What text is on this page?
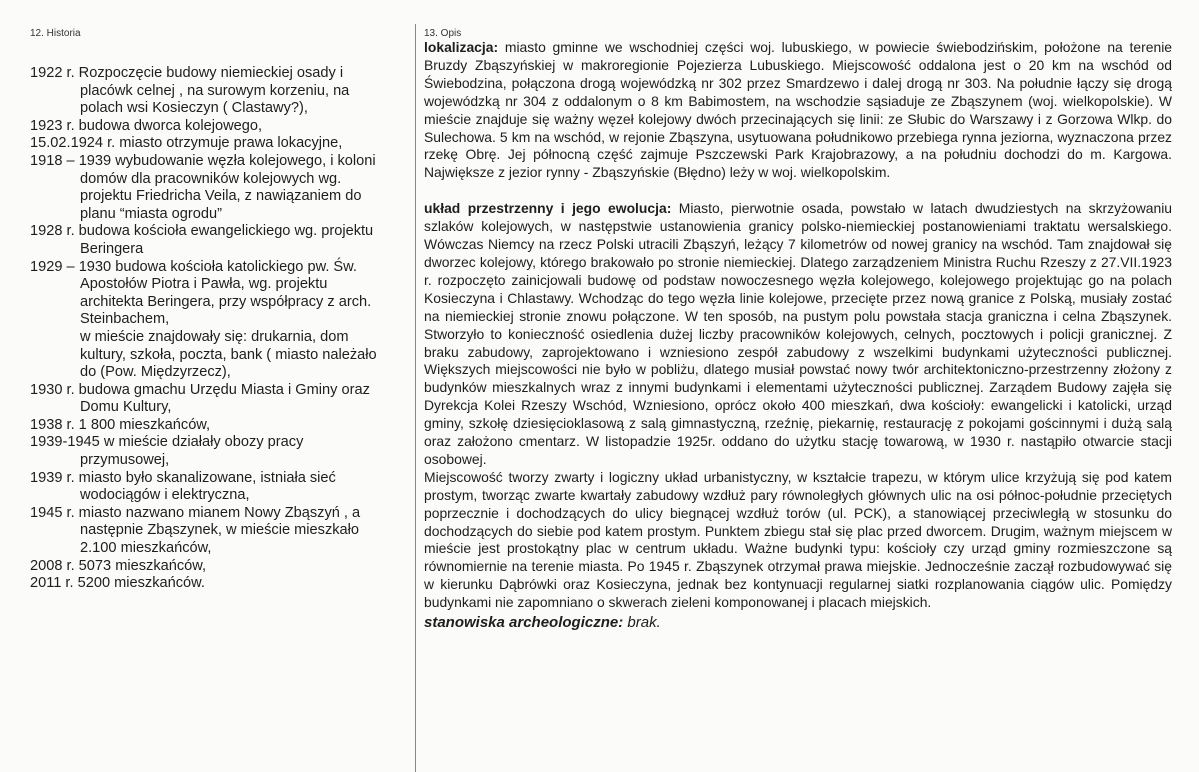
12. Historia
1922 r. Rozpoczęcie budowy niemieckiej osady i
placówk celnej , na surowym korzeniu, na
polach wsi Kosieczyn ( Clastawy?),
1923 r. budowa dworca kolejowego,
15.02.1924 r. miasto otrzymuje prawa lokacyjne,
1918 – 1939 wybudowanie węzła kolejowego, i koloni
domów dla pracowników kolejowych wg.
projektu Friedricha Veila, z nawiązaniem do
planu “miasta ogrodu”
1928 r. budowa kościoła ewangelickiego wg. projektu
Beringera
1929 – 1930 budowa kościoła katolickiego pw. Św.
Apostołów Piotra i Pawła, wg. projektu
architekta Beringera, przy współpracy z arch.
Steinbachem,
w mieście znajdowały się: drukarnia, dom
kultury, szkoła, poczta, bank ( miasto należało
do (Pow. Międzyrzecz),
1930 r. budowa gmachu Urzędu Miasta i Gminy oraz
Domu Kultury,
1938 r. 1 800 mieszkańców,
1939-1945 w mieście działały obozy pracy
przymusowej,
1939 r. miasto było skanalizowane, istniała sieć
wodociągów i elektryczna,
1945 r. miasto nazwano mianem Nowy Zbąszyń , a
następnie Zbąszynek, w mieście mieszkało
2.100 mieszkańców,
2008 r. 5073 mieszkańców,
2011 r. 5200 mieszkańców.
13. Opis

lokalizacja: miasto gminne we wschodniej części woj. lubuskiego, w powiecie świebodzińskim, położone na terenie Bruzdy Zbąszyńskiej w makroregionie Pojezierza Lubuskiego. Miejscowość oddalona jest o 20 km na wschód od Świebodzina, połączona drogą wojewódzką nr 302 przez Smardzewo i dalej drogą nr 303. Na południe łączy się drogą wojewódzką nr 304 z oddalonym o 8 km Babimostem, na wschodzie sąsiaduje ze Zbąszynem (woj. wielkopolskie). W mieście znajduje się ważny węzeł kolejowy dwóch przecinających się linii: ze Słubic do Warszawy i z Gorzowa Wlkp. do Sulechowa. 5 km na wschód, w rejonie Zbąszyna, usytuowana południkowo przebiega rynna jeziorna, wyznaczona przez rzekę Obrę. Jej północną część zajmuje Pszczewski Park Krajobrazowy, a na południu dochodzi do m. Kargowa. Największe z jezior rynny - Zbąszyńskie (Błędno) leży w woj. wielkopolskim.

układ przestrzenny i jego ewolucja: Miasto, pierwotnie osada, powstało w latach dwudziestych na skrzyżowaniu szlaków kolejowych, w następstwie ustanowienia granicy polsko-niemieckiej postanowieniami traktatu wersalskiego. Wówczas Niemcy na rzecz Polski utracili Zbąszyń, leżący 7 kilometrów od nowej granicy na wschód. Tam znajdował się dworzec kolejowy, którego brakowało po stronie niemieckiej. Dlatego zarządzeniem Ministra Ruchu Rzeszy z 27.VII.1923 r. rozpoczęto zainicjowali budowę od podstaw nowoczesnego węzła kolejowego, kolejowego projektując go na polach Kosieczyna i Chlastawy. Wchodząc do tego węzła linie kolejowe, przecięte przez nową granice z Polską, musiały zostać na niemieckiej stronie znowu połączone. W ten sposób, na pustym polu powstała stacja graniczna i celna Zbąszynek. Stworzyło to konieczność osiedlenia dużej liczby pracowników kolejowych, celnych, pocztowych i policji granicznej. Z braku zabudowy, zaprojektowano i wzniesiono zespół zabudowy z wszelkimi budynkami użyteczności publicznej. Większych miejscowości nie było w pobliżu, dlatego musiał powstać nowy twór architektoniczno-przestrzenny złożony z budynków mieszkalnych wraz z innymi budynkami i elementami użyteczności publicznej. Zarządem Budowy zajęła się Dyrekcja Kolei Rzeszy Wschód, Wzniesiono, oprócz około 400 mieszkań, dwa kościoły: ewangelicki i katolicki, urząd gminy, szkołę dziesięcioklasową z salą gimnastyczną, rzeźnię, piekarnię, restaurację z pokojami gościnnymi i dużą salą oraz założono cmentarz. W listopadzie 1925r. oddano do użytku stację towarową, w 1930 r. nastąpiło otwarcie stacji osobowej.

Miejscowość tworzy zwarty i logiczny układ urbanistyczny, w kształcie trapezu, w którym ulice krzyżują się pod katem prostym, tworząc zwarte kwartały zabudowy wzdłuż pary równoległych głównych ulic na osi północ-południe przeciętych poprzecznie i dochodzących do ulicy biegnącej wzdłuż torów (ul. PCK), a stanowiącej przeciwległą w stosunku do dochodzących do siebie pod katem prostym. Punktem zbiegu stał się plac przed dworcem. Drugim, ważnym miejscem w mieście jest prostokątny plac w centrum układu. Ważne budynki typu: kościoły czy urząd gminy rozmieszczone są równomiernie na terenie miasta. Po 1945 r. Zbąszynek otrzymał prawa miejskie. Jednocześnie zaczął rozbudowywać się w kierunku Dąbrówki oraz Kosieczyna, jednak bez kontynuacji regularnej siatki rozplanowania ciągów ulic. Pomiędzy budynkami nie zapomniano o skwerach zieleni komponowanej i placach miejskich.

stanowiska archeologiczne: brak.
